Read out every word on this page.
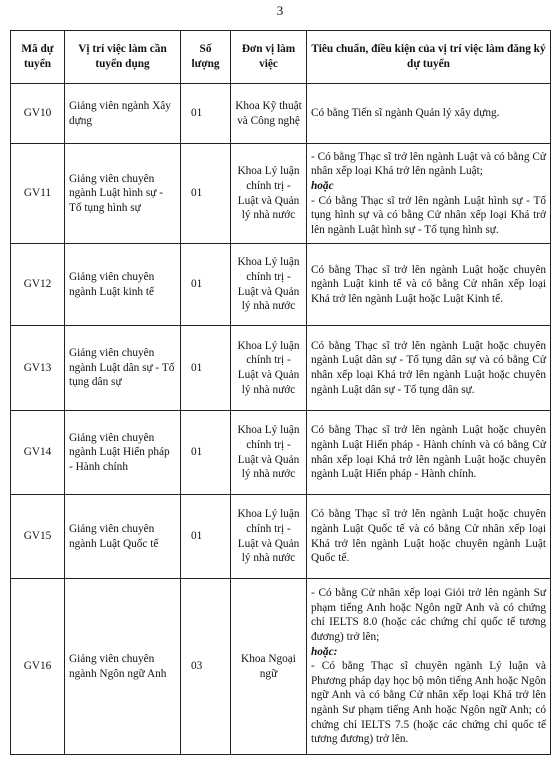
3
Mã dự tuyển	Vị trí việc làm cần tuyển dụng	Số lượng	Đơn vị làm việc	Tiêu chuẩn, điều kiện của vị trí việc làm đăng ký dự tuyển
GV10	Giảng viên ngành Xây dựng	01	Khoa Kỹ thuật và Công nghệ	Có bằng Tiến sĩ ngành Quản lý xây dựng.

GV11	Giảng viên chuyên ngành Luật hình sự - Tố tụng hình sự	01	Khoa Lý luận chính trị - Luật và Quản lý nhà nước	- Có bằng Thạc sĩ trở lên ngành Luật và có bằng Cử nhân xếp loại Khá trở lên ngành Luật;
hoặc
- Có bằng Thạc sĩ trở lên ngành Luật hình sự - Tố tụng hình sự và có bằng Cử nhân xếp loại Khá trở lên ngành Luật hình sự - Tố tụng hình sự.

GV12	Giảng viên chuyên ngành Luật kinh tế	01	Khoa Lý luận chính trị - Luật và Quản lý nhà nước	Có bằng Thạc sĩ trở lên ngành Luật hoặc chuyên ngành Luật kinh tế và có bằng Cử nhân xếp loại Khá trở lên ngành Luật hoặc Luật Kinh tế.

GV13	Giảng viên chuyên ngành Luật dân sự - Tố tụng dân sự	01	Khoa Lý luận chính trị - Luật và Quản lý nhà nước	Có bằng Thạc sĩ trở lên ngành Luật hoặc chuyên ngành Luật dân sự - Tố tụng dân sự và có bằng Cử nhân xếp loại Khá trở lên ngành Luật hoặc chuyên ngành Luật dân sự - Tố tụng dân sự.

GV14	Giảng viên chuyên ngành Luật Hiến pháp - Hành chính	01	Khoa Lý luận chính trị - Luật và Quản lý nhà nước	Có bằng Thạc sĩ trở lên ngành Luật hoặc chuyên ngành Luật Hiến pháp - Hành chính và có bằng Cử nhân xếp loại Khá trở lên ngành Luật hoặc chuyên ngành Luật Hiến pháp - Hành chính.

GV15	Giảng viên chuyên ngành Luật Quốc tế	01	Khoa Lý luận chính trị - Luật và Quản lý nhà nước	Có bằng Thạc sĩ trở lên ngành Luật hoặc chuyên ngành Luật Quốc tế và có bằng Cử nhân xếp loại Khá trở lên ngành Luật hoặc chuyên ngành Luật Quốc tế.

GV16	Giảng viên chuyên ngành Ngôn ngữ Anh	03	Khoa Ngoại ngữ	- Có bằng Cử nhân xếp loại Giỏi trở lên ngành Sư phạm tiếng Anh hoặc Ngôn ngữ Anh và có chứng chỉ IELTS 8.0 (hoặc các chứng chỉ quốc tế tương đương) trở lên;
hoặc:
- Có bằng Thạc sĩ chuyên ngành Lý luận và Phương pháp dạy học bộ môn tiếng Anh hoặc Ngôn ngữ Anh và có bằng Cử nhân xếp loại Khá trở lên ngành Sư phạm tiếng Anh hoặc Ngôn ngữ Anh; có chứng chỉ IELTS 7.5 (hoặc các chứng chỉ quốc tế tương đương) trở lên.
